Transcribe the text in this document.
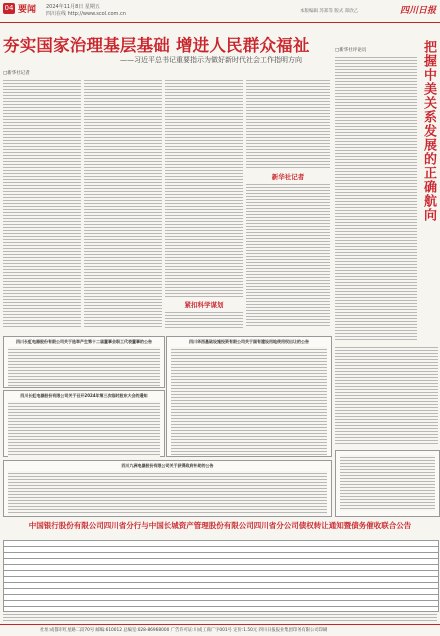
04 要闻 2024年11月8日 星期五
四川在线 http://www.scol.com.cn	本版编辑 苏郑等 版式 郑欣乙	四川日报
夯实国家治理基层基础 增进人民群众福祉
——习近平总书记重要指示为做好新时代社会工作指明方向
□新华社记者
紧扣科学谋划
新华社记者
□新华社评论员	把握中美关系发展的正确航向
四川长虹电器股份有限公司关于选举产生第十二届董事会职工代表董事的公告
四川长虹电器股份有限公司关于召开2024年第三次临时股东大会的通知
四川华西基础设施投资有限公司关于国有建设用地使用权出让的公告
四川九洲电器股份有限公司关于获得政府补助的公告
中国银行股份有限公司四川省分行与中国长城资产管理股份有限公司四川省分公司债权转让通知暨债务催收联合公告
社址:成都市红星路二段70号 邮编:610012 总编室:028-86968000 广告许可证:川成工商广字001号 定价:1.50元 四川日报报业集团印务有限公司印刷
